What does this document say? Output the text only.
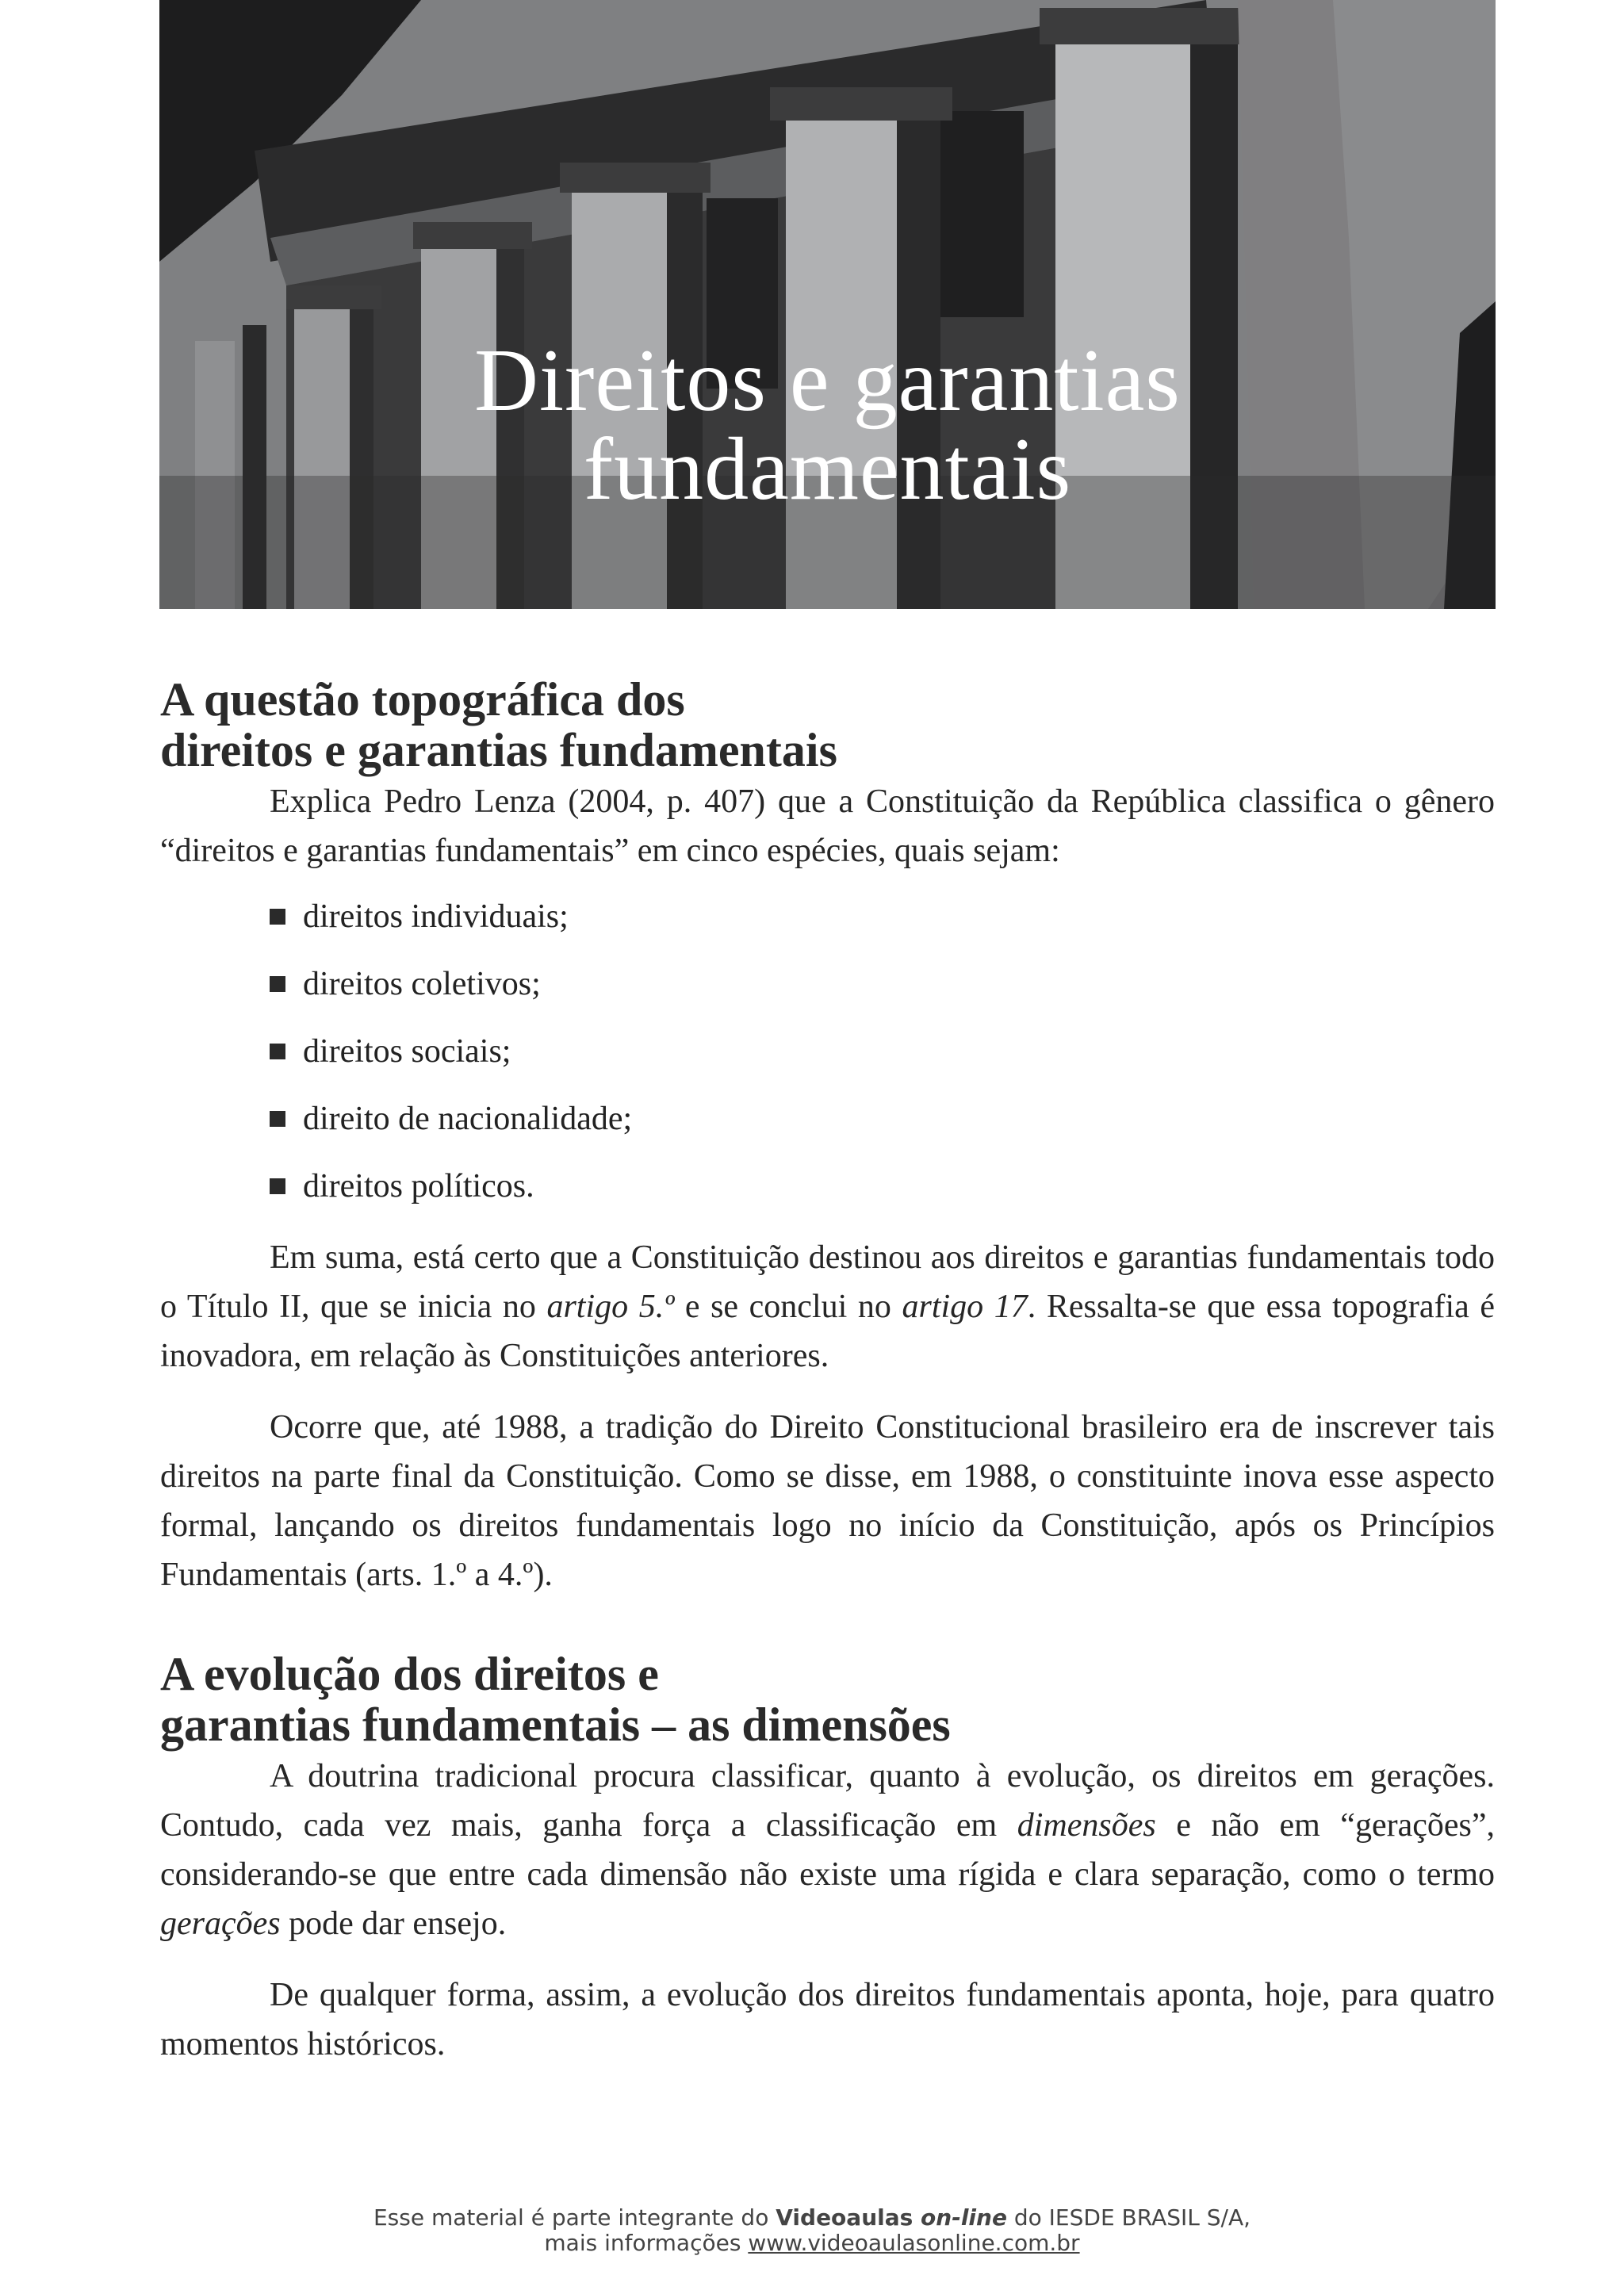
Direitos e garantias
fundamentais
A questão topográfica dos
direitos e garantias fundamentais

Explica Pedro Lenza (2004, p. 407) que a Constituição da República classifica o gênero “direitos e garantias fundamentais” em cinco espécies, quais sejam:

direitos individuais;
direitos coletivos;
direitos sociais;
direito de nacionalidade;
direitos políticos.

Em suma, está certo que a Constituição destinou aos direitos e garantias fundamentais todo o Título II, que se inicia no artigo 5.º e se conclui no artigo 17. Ressalta-se que essa topografia é inovadora, em relação às Constituições anteriores.

Ocorre que, até 1988, a tradição do Direito Constitucional brasileiro era de inscrever tais direitos na parte final da Constituição. Como se disse, em 1988, o constituinte inova esse aspecto formal, lançando os direitos fundamentais logo no início da Constituição, após os Princípios Fundamentais (arts. 1.º a 4.º).

A evolução dos direitos e
garantias fundamentais – as dimensões

A doutrina tradicional procura classificar, quanto à evolução, os direitos em gerações. Contudo, cada vez mais, ganha força a classificação em dimensões e não em “gerações”, considerando-se que entre cada dimensão não existe uma rígida e clara separação, como o termo gerações pode dar ensejo.

De qualquer forma, assim, a evolução dos direitos fundamentais aponta, hoje, para quatro momentos históricos.

Esse material é parte integrante do Videoaulas on-line do IESDE BRASIL S/A,
mais informações www.videoaulasonline.com.br
